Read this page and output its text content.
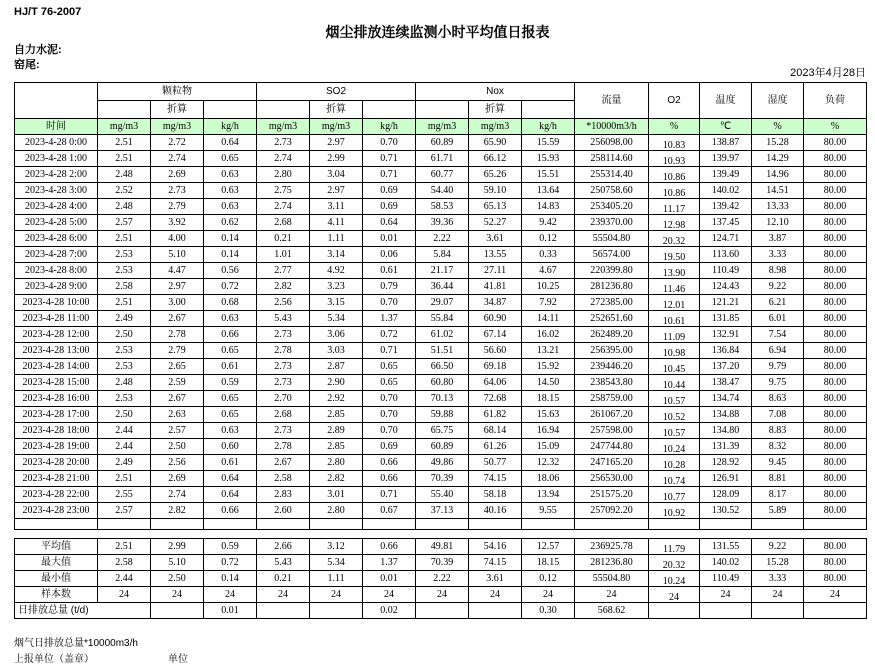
HJ/T 76-2007
烟尘排放连续监测小时平均值日报表
自力水泥:
窑尾:
2023年4月28日
	颗粒物			SO2			Nox			流量	O2	温度	湿度	负荷
		折算			折算			折算						
时间	mg/m3	mg/m3	kg/h	mg/m3	mg/m3	kg/h	mg/m3	mg/m3	kg/h	*10000m3/h	%	℃	%	%
2023-4-28 0:00	2.51	2.72	0.64	2.73	2.97	0.70	60.89	65.90	15.59	256098.00	10.83	138.87	15.28	80.00
2023-4-28 1:00	2.51	2.74	0.65	2.74	2.99	0.71	61.71	66.12	15.93	258114.60	10.93	139.97	14.29	80.00
2023-4-28 2:00	2.48	2.69	0.63	2.80	3.04	0.71	60.77	65.26	15.51	255314.40	10.86	139.49	14.96	80.00
2023-4-28 3:00	2.52	2.73	0.63	2.75	2.97	0.69	54.40	59.10	13.64	250758.60	10.86	140.02	14.51	80.00
2023-4-28 4:00	2.48	2.79	0.63	2.74	3.11	0.69	58.53	65.13	14.83	253405.20	11.17	139.42	13.33	80.00
2023-4-28 5:00	2.57	3.92	0.62	2.68	4.11	0.64	39.36	52.27	9.42	239370.00	12.98	137.45	12.10	80.00
2023-4-28 6:00	2.51	4.00	0.14	0.21	1.11	0.01	2.22	3.61	0.12	55504.80	20.32	124.71	3.87	80.00
2023-4-28 7:00	2.53	5.10	0.14	1.01	3.14	0.06	5.84	13.55	0.33	56574.00	19.50	113.60	3.33	80.00
2023-4-28 8:00	2.53	4.47	0.56	2.77	4.92	0.61	21.17	27.11	4.67	220399.80	13.90	110.49	8.98	80.00
2023-4-28 9:00	2.58	2.97	0.72	2.82	3.23	0.79	36.44	41.81	10.25	281236.80	11.46	124.43	9.22	80.00
2023-4-28 10:00	2.51	3.00	0.68	2.56	3.15	0.70	29.07	34.87	7.92	272385.00	12.01	121.21	6.21	80.00
2023-4-28 11:00	2.49	2.67	0.63	5.43	5.34	1.37	55.84	60.90	14.11	252651.60	10.61	131.85	6.01	80.00
2023-4-28 12:00	2.50	2.78	0.66	2.73	3.06	0.72	61.02	67.14	16.02	262489.20	11.09	132.91	7.54	80.00
2023-4-28 13:00	2.53	2.79	0.65	2.78	3.03	0.71	51.51	56.60	13.21	256395.00	10.98	136.84	6.94	80.00
2023-4-28 14:00	2.53	2.65	0.61	2.73	2.87	0.65	66.50	69.18	15.92	239446.20	10.45	137.20	9.79	80.00
2023-4-28 15:00	2.48	2.59	0.59	2.73	2.90	0.65	60.80	64.06	14.50	238543.80	10.44	138.47	9.75	80.00
2023-4-28 16:00	2.53	2.67	0.65	2.70	2.92	0.70	70.13	72.68	18.15	258759.00	10.57	134.74	8.63	80.00
2023-4-28 17:00	2.50	2.63	0.65	2.68	2.85	0.70	59.88	61.82	15.63	261067.20	10.52	134.88	7.08	80.00
2023-4-28 18:00	2.44	2.57	0.63	2.73	2.89	0.70	65.75	68.14	16.94	257598.00	10.57	134.80	8.83	80.00
2023-4-28 19:00	2.44	2.50	0.60	2.78	2.85	0.69	60.89	61.26	15.09	247744.80	10.24	131.39	8.32	80.00
2023-4-28 20:00	2.49	2.56	0.61	2.67	2.80	0.66	49.86	50.77	12.32	247165.20	10.28	128.92	9.45	80.00
2023-4-28 21:00	2.51	2.69	0.64	2.58	2.82	0.66	70.39	74.15	18.06	256530.00	10.74	126.91	8.81	80.00
2023-4-28 22:00	2.55	2.74	0.64	2.83	3.01	0.71	55.40	58.18	13.94	251575.20	10.77	128.09	8.17	80.00
2023-4-28 23:00	2.57	2.82	0.66	2.60	2.80	0.67	37.13	40.16	9.55	257092.20	10.92	130.52	5.89	80.00

平均值	2.51	2.99	0.59	2.66	3.12	0.66	49.81	54.16	12.57	236925.78	11.79	131.55	9.22	80.00
最大值	2.58	5.10	0.72	5.43	5.34	1.37	70.39	74.15	18.15	281236.80	20.32	140.02	15.28	80.00
最小值	2.44	2.50	0.14	0.21	1.11	0.01	2.22	3.61	0.12	55504.80	10.24	110.49	3.33	80.00
样本数	24	24	24	24	24	24	24	24	24	24	24	24	24	24
日排放总量 (t/d)			0.01			0.02			0.30	568.62				
烟气日排放总量*10000m3/h
上报单位（盖章）	单位
